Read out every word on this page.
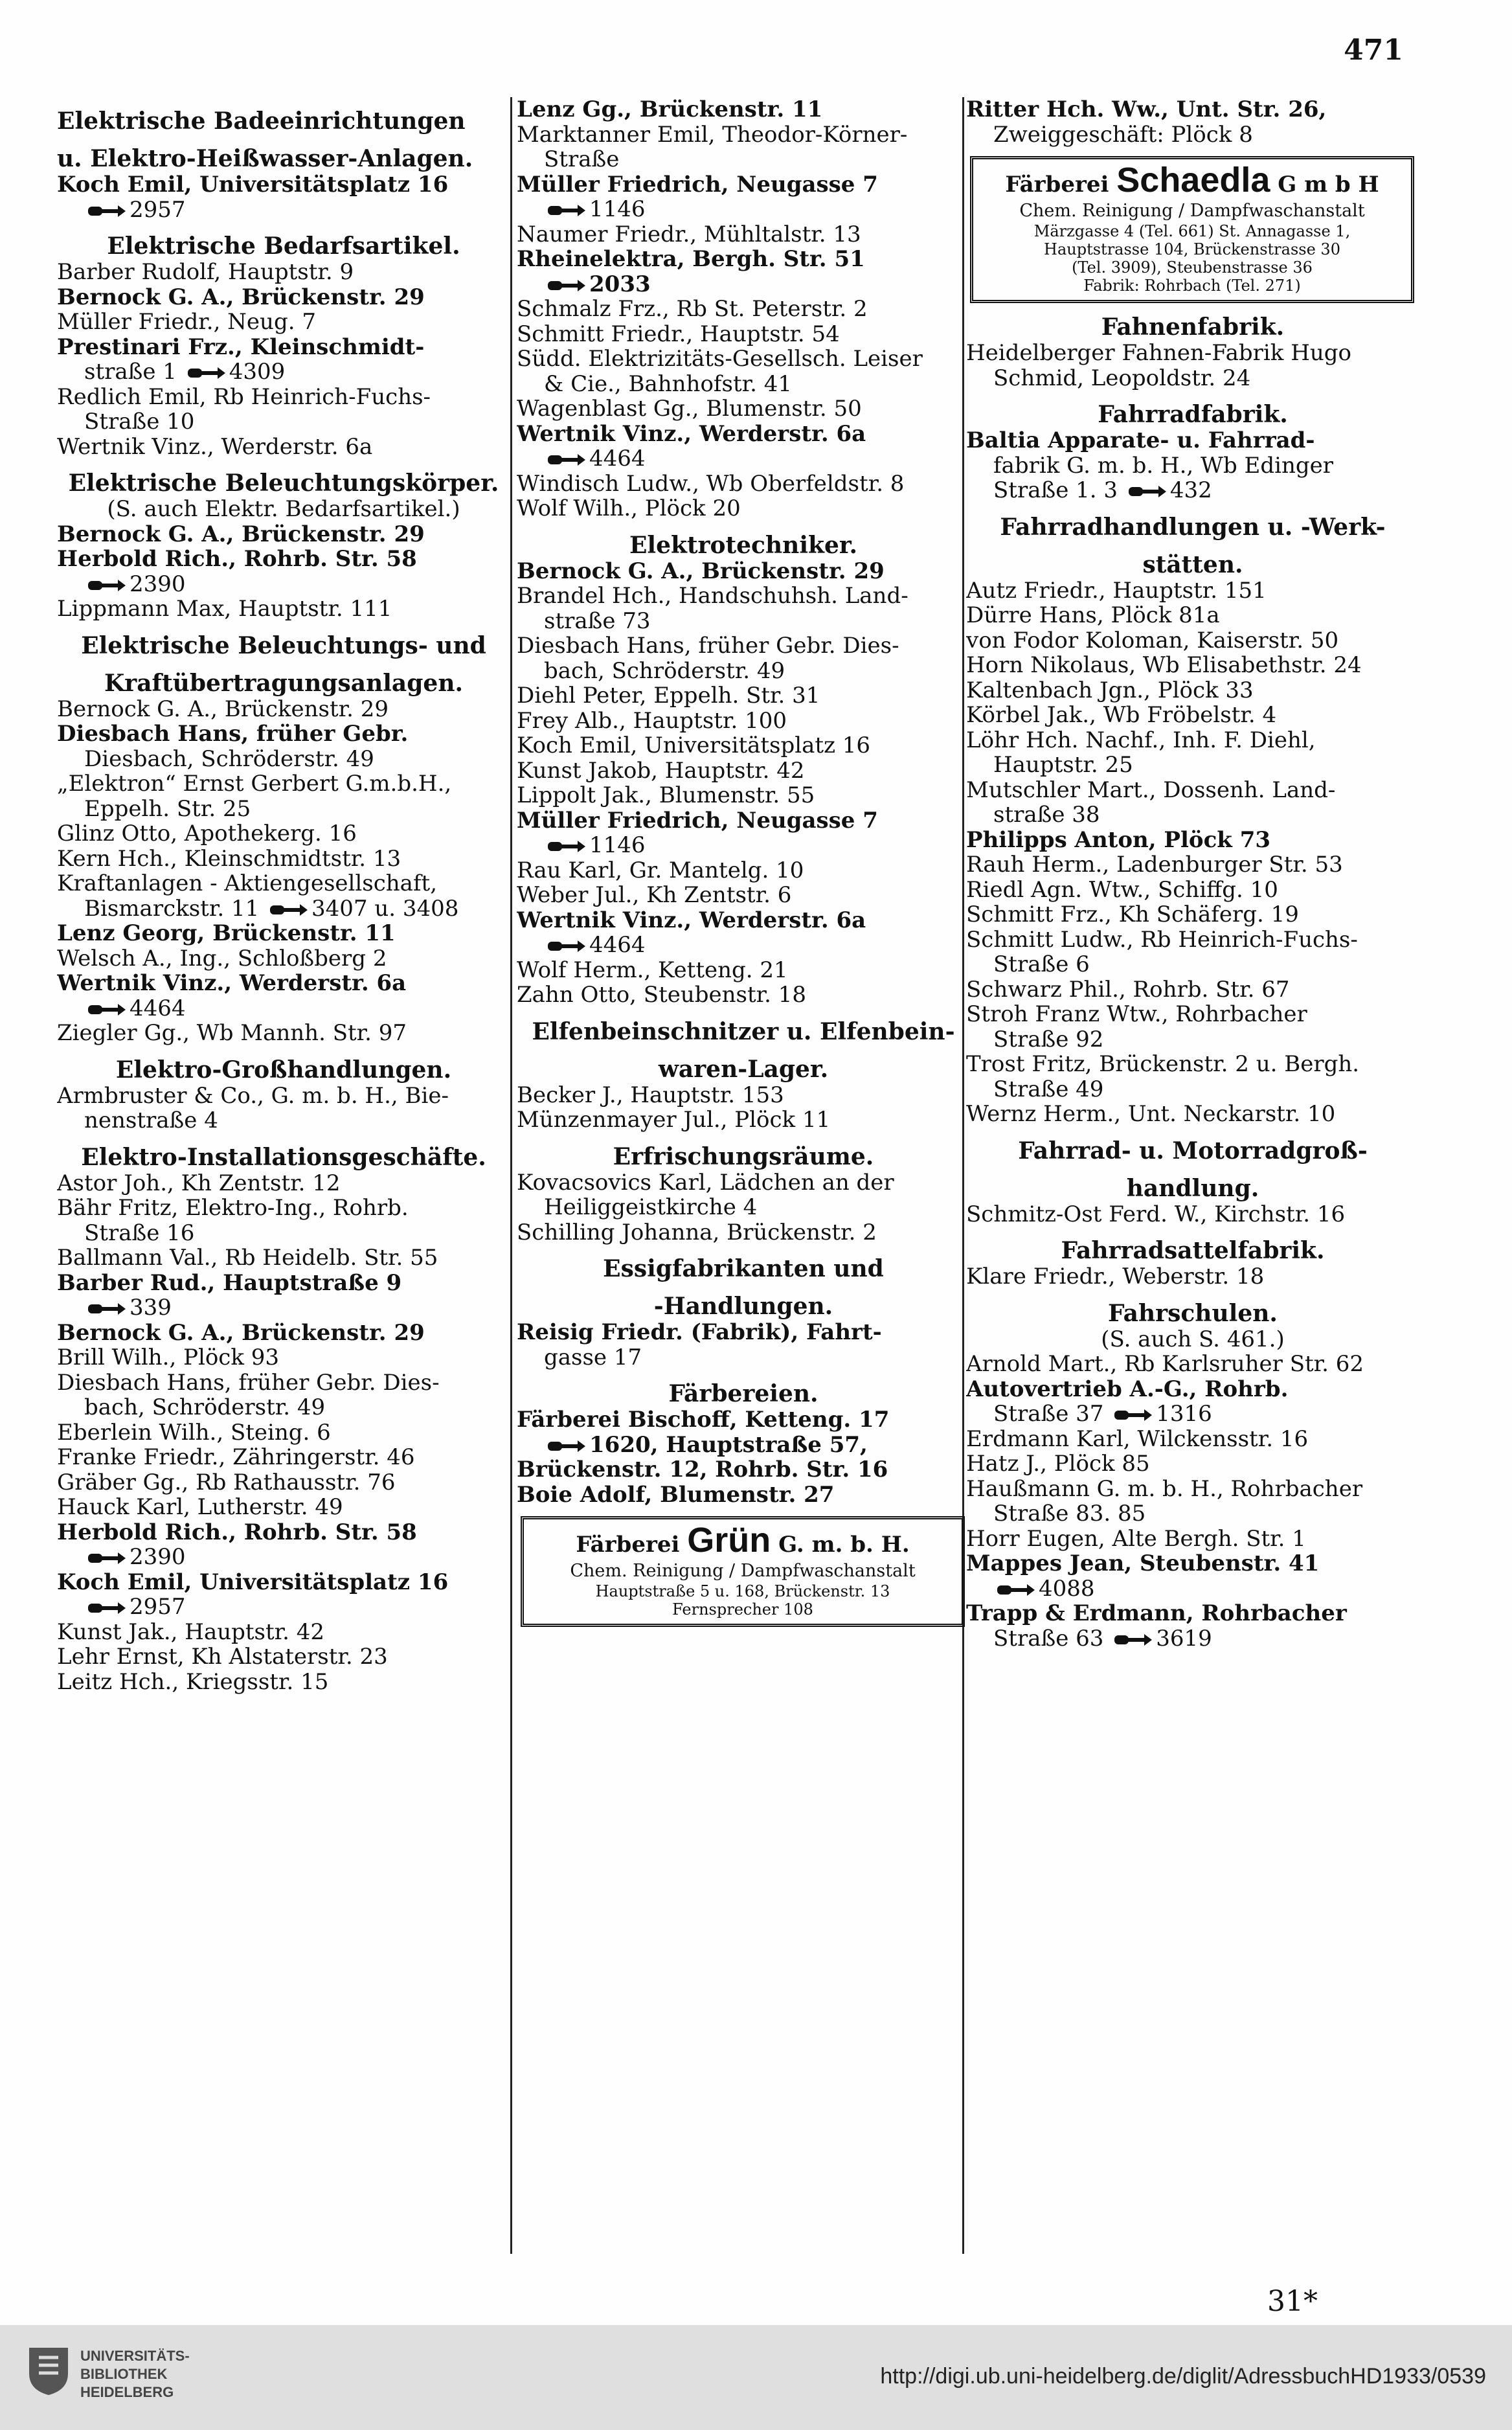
471
Elektrische Badeeinrichtungen
u. Elektro-Heißwasser-Anlagen.
Koch Emil, Universitätsplatz 16
2957
Elektrische Bedarfsartikel.
Barber Rudolf, Hauptstr. 9
Bernock G. A., Brückenstr. 29
Müller Friedr., Neug. 7
Prestinari Frz., Kleinschmidt-
straße 1 4309
Redlich Emil, Rb Heinrich-Fuchs-
Straße 10
Wertnik Vinz., Werderstr. 6a
Elektrische Beleuchtungskörper.
(S. auch Elektr. Bedarfsartikel.)
Bernock G. A., Brückenstr. 29
Herbold Rich., Rohrb. Str. 58
2390
Lippmann Max, Hauptstr. 111
Elektrische Beleuchtungs- und
Kraftübertragungsanlagen.
Bernock G. A., Brückenstr. 29
Diesbach Hans, früher Gebr.
Diesbach, Schröderstr. 49
„Elektron“ Ernst Gerbert G.m.b.H.,
Eppelh. Str. 25
Glinz Otto, Apothekerg. 16
Kern Hch., Kleinschmidtstr. 13
Kraftanlagen - Aktiengesellschaft,
Bismarckstr. 11 3407 u. 3408
Lenz Georg, Brückenstr. 11
Welsch A., Ing., Schloßberg 2
Wertnik Vinz., Werderstr. 6a
4464
Ziegler Gg., Wb Mannh. Str. 97
Elektro-Großhandlungen.
Armbruster & Co., G. m. b. H., Bie-
nenstraße 4
Elektro-Installationsgeschäfte.
Astor Joh., Kh Zentstr. 12
Bähr Fritz, Elektro-Ing., Rohrb.
Straße 16
Ballmann Val., Rb Heidelb. Str. 55
Barber Rud., Hauptstraße 9
339
Bernock G. A., Brückenstr. 29
Brill Wilh., Plöck 93
Diesbach Hans, früher Gebr. Dies-
bach, Schröderstr. 49
Eberlein Wilh., Steing. 6
Franke Friedr., Zähringerstr. 46
Gräber Gg., Rb Rathausstr. 76
Hauck Karl, Lutherstr. 49
Herbold Rich., Rohrb. Str. 58
2390
Koch Emil, Universitätsplatz 16
2957
Kunst Jak., Hauptstr. 42
Lehr Ernst, Kh Alstaterstr. 23
Leitz Hch., Kriegsstr. 15
Lenz Gg., Brückenstr. 11
Marktanner Emil, Theodor-Körner-
Straße
Müller Friedrich, Neugasse 7
1146
Naumer Friedr., Mühltalstr. 13
Rheinelektra, Bergh. Str. 51
2033
Schmalz Frz., Rb St. Peterstr. 2
Schmitt Friedr., Hauptstr. 54
Südd. Elektrizitäts-Gesellsch. Leiser
& Cie., Bahnhofstr. 41
Wagenblast Gg., Blumenstr. 50
Wertnik Vinz., Werderstr. 6a
4464
Windisch Ludw., Wb Oberfeldstr. 8
Wolf Wilh., Plöck 20
Elektrotechniker.
Bernock G. A., Brückenstr. 29
Brandel Hch., Handschuhsh. Land-
straße 73
Diesbach Hans, früher Gebr. Dies-
bach, Schröderstr. 49
Diehl Peter, Eppelh. Str. 31
Frey Alb., Hauptstr. 100
Koch Emil, Universitätsplatz 16
Kunst Jakob, Hauptstr. 42
Lippolt Jak., Blumenstr. 55
Müller Friedrich, Neugasse 7
1146
Rau Karl, Gr. Mantelg. 10
Weber Jul., Kh Zentstr. 6
Wertnik Vinz., Werderstr. 6a
4464
Wolf Herm., Ketteng. 21
Zahn Otto, Steubenstr. 18
Elfenbeinschnitzer u. Elfenbein-
waren-Lager.
Becker J., Hauptstr. 153
Münzenmayer Jul., Plöck 11
Erfrischungsräume.
Kovacsovics Karl, Lädchen an der
Heiliggeistkirche 4
Schilling Johanna, Brückenstr. 2
Essigfabrikanten und
-Handlungen.
Reisig Friedr. (Fabrik), Fahrt-
gasse 17
Färbereien.
Färberei Bischoff, Ketteng. 17
1620, Hauptstraße 57,
Brückenstr. 12, Rohrb. Str. 16
Boie Adolf, Blumenstr. 27
Färberei Grün G. m. b. H.
Chem. Reinigung / Dampfwaschanstalt
Hauptstraße 5 u. 168, Brückenstr. 13
Fernsprecher 108
Ritter Hch. Ww., Unt. Str. 26,
Zweiggeschäft: Plöck 8
Färberei Schaedla G m b H
Chem. Reinigung / Dampfwaschanstalt
Märzgasse 4 (Tel. 661) St. Annagasse 1,
Hauptstrasse 104, Brückenstrasse 30
(Tel. 3909), Steubenstrasse 36
Fabrik: Rohrbach (Tel. 271)
Fahnenfabrik.
Heidelberger Fahnen-Fabrik Hugo
Schmid, Leopoldstr. 24
Fahrradfabrik.
Baltia Apparate- u. Fahrrad-
fabrik G. m. b. H., Wb Edinger
Straße 1. 3 432
Fahrradhandlungen u. -Werk-
stätten.
Autz Friedr., Hauptstr. 151
Dürre Hans, Plöck 81a
von Fodor Koloman, Kaiserstr. 50
Horn Nikolaus, Wb Elisabethstr. 24
Kaltenbach Jgn., Plöck 33
Körbel Jak., Wb Fröbelstr. 4
Löhr Hch. Nachf., Inh. F. Diehl,
Hauptstr. 25
Mutschler Mart., Dossenh. Land-
straße 38
Philipps Anton, Plöck 73
Rauh Herm., Ladenburger Str. 53
Riedl Agn. Wtw., Schiffg. 10
Schmitt Frz., Kh Schäferg. 19
Schmitt Ludw., Rb Heinrich-Fuchs-
Straße 6
Schwarz Phil., Rohrb. Str. 67
Stroh Franz Wtw., Rohrbacher
Straße 92
Trost Fritz, Brückenstr. 2 u. Bergh.
Straße 49
Wernz Herm., Unt. Neckarstr. 10
Fahrrad- u. Motorradgroß-
handlung.
Schmitz-Ost Ferd. W., Kirchstr. 16
Fahrradsattelfabrik.
Klare Friedr., Weberstr. 18
Fahrschulen.
(S. auch S. 461.)
Arnold Mart., Rb Karlsruher Str. 62
Autovertrieb A.-G., Rohrb.
Straße 37 1316
Erdmann Karl, Wilckensstr. 16
Hatz J., Plöck 85
Haußmann G. m. b. H., Rohrbacher
Straße 83. 85
Horr Eugen, Alte Bergh. Str. 1
Mappes Jean, Steubenstr. 41
4088
Trapp & Erdmann, Rohrbacher
Straße 63 3619
31*
UNIVERSITÄTS-
BIBLIOTHEK
HEIDELBERG
http://digi.ub.uni-heidelberg.de/diglit/AdressbuchHD1933/0539
